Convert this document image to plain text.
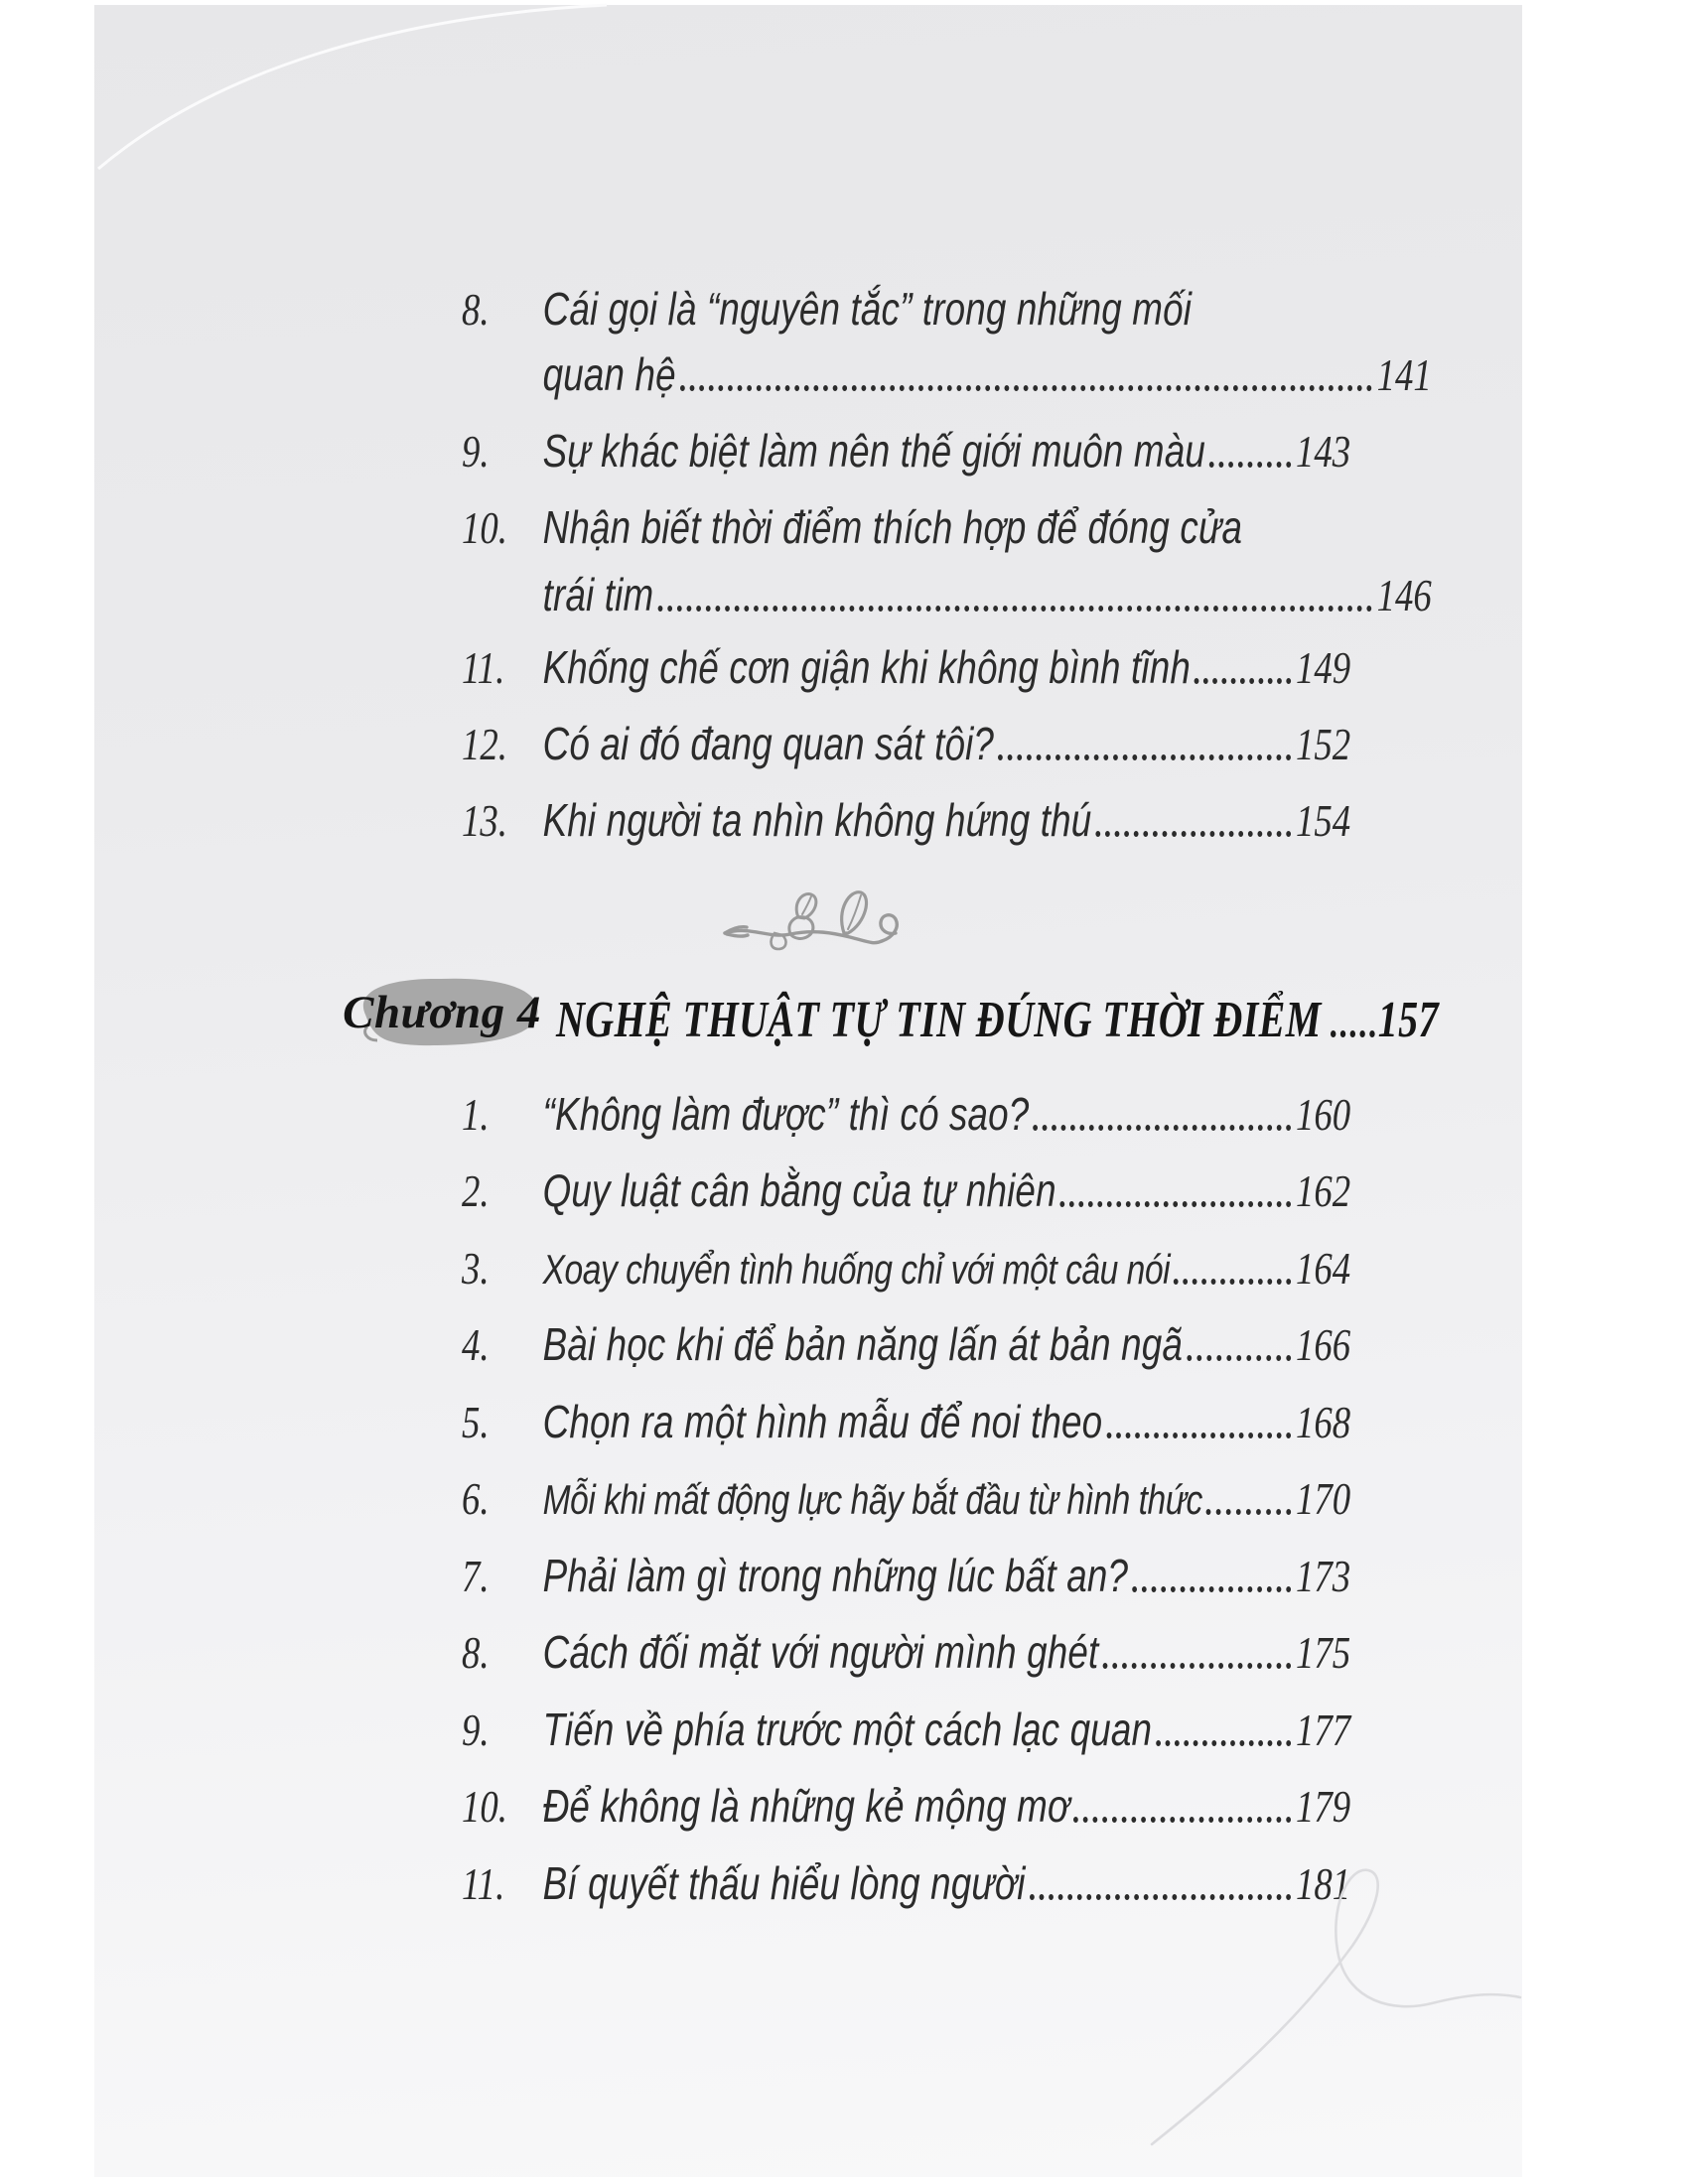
8.	Cái gọi là “nguyên tắc” trong những mối
quan hệ	141
9.	Sự khác biệt làm nên thế giới muôn màu 143
10. Nhận biết thời điểm thích hợp để đóng cửa
trái tim	146
11. Khống chế cơn giận khi không bình tĩnh 149
12. Có ai đó đang quan sát tôi?	152
13. Khi người ta nhìn không hứng thú	154
Chương 4 NGHỆ THUẬT TỰ TIN ĐÚNG THỜI ĐIỂM 157
1.	“Không làm được” thì có sao?	160
2.	Quy luật cân bằng của tự nhiên	162
3.	Xoay chuyển tình huống chỉ với một câu nói	164
4.	Bài học khi để bản năng lấn át bản ngã 166
5.	Chọn ra một hình mẫu để noi theo	168
6.	Mỗi khi mất động lực hãy bắt đầu từ hình thức 170
7.	Phải làm gì trong những lúc bất an?	173
8.	Cách đối mặt với người mình ghét	175
9.	Tiến về phía trước một cách lạc quan	177
10. Để không là những kẻ mộng mơ	179
11. Bí quyết thấu hiểu lòng người	181
